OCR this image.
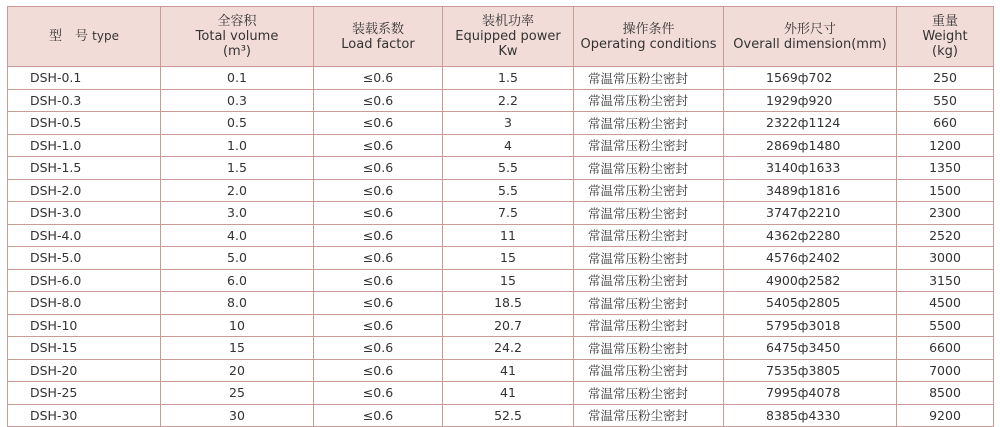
型　号 type	全容积
Total volume
(m³)	装载系数
Load factor	装机功率
Equipped power
Kw	操作条件
Operating conditions	外形尺寸
Overall dimension(mm)	重量
Weight
(kg)

DSH-0.1	0.1	≤0.6	1.5	常温常压粉尘密封	1569ф702	250
DSH-0.3	0.3	≤0.6	2.2	常温常压粉尘密封	1929ф920	550
DSH-0.5	0.5	≤0.6	3	常温常压粉尘密封	2322ф1124	660
DSH-1.0	1.0	≤0.6	4	常温常压粉尘密封	2869ф1480	1200
DSH-1.5	1.5	≤0.6	5.5	常温常压粉尘密封	3140ф1633	1350
DSH-2.0	2.0	≤0.6	5.5	常温常压粉尘密封	3489ф1816	1500
DSH-3.0	3.0	≤0.6	7.5	常温常压粉尘密封	3747ф2210	2300
DSH-4.0	4.0	≤0.6	11	常温常压粉尘密封	4362ф2280	2520
DSH-5.0	5.0	≤0.6	15	常温常压粉尘密封	4576ф2402	3000
DSH-6.0	6.0	≤0.6	15	常温常压粉尘密封	4900ф2582	3150
DSH-8.0	8.0	≤0.6	18.5	常温常压粉尘密封	5405ф2805	4500
DSH-10	10	≤0.6	20.7	常温常压粉尘密封	5795ф3018	5500
DSH-15	15	≤0.6	24.2	常温常压粉尘密封	6475ф3450	6600
DSH-20	20	≤0.6	41	常温常压粉尘密封	7535ф3805	7000
DSH-25	25	≤0.6	41	常温常压粉尘密封	7995ф4078	8500
DSH-30	30	≤0.6	52.5	常温常压粉尘密封	8385ф4330	9200
